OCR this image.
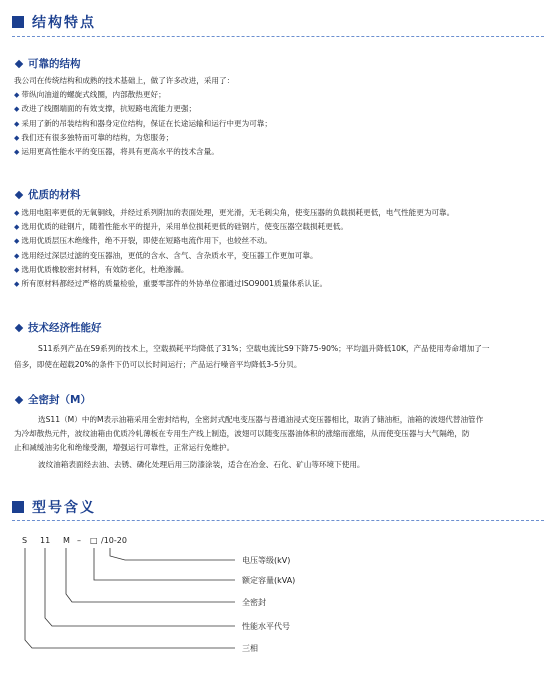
结构特点
可靠的结构
我公司在传统结构和成熟的技术基础上，做了许多改进，采用了：
◆ 带纵向油道的螺旋式线圈，内部散热更好；
◆ 改进了线圈端面的有效支撑，抗短路电流能力更强；
◆ 采用了新的吊装结构和器身定位结构，保证在长途运输和运行中更为可靠；
◆ 我们还有很多独特而可靠的结构，为您服务；
◆ 运用更高性能水平的变压器，将具有更高水平的技术含量。
优质的材料
◆ 选用电阻率更低的无氧铜线，并经过系列附加的表面处理，更光滑，无毛刺尖角，使变压器的负载损耗更低，电气性能更为可靠。
◆ 选用优质的硅钢片，随着性能水平的提升，采用单位损耗更低的硅钢片，使变压器空载损耗更低。
◆ 选用优质层压木绝缘件，绝不开裂，即使在短路电流作用下，也较丝不动。
◆ 选用经过深层过滤的变压器油，更低的含水、含气、含杂质水平，变压器工作更加可靠。
◆ 选用优质橡胶密封材料，有效防老化，杜绝渗漏。
◆ 所有原材料都经过严格的质量检验，重要零部件的外协单位都通过ISO9001质量体系认证。
技术经济性能好
S11系列产品在S9系列的技术上，空载损耗平均降低了31%；空载电流比S9下降75-90%；平均温升降低10K，产品使用寿命增加了一
倍多，即使在超载20%的条件下仍可以长时间运行；产品运行噪音平均降低3-5分贝。
全密封（M）
选S11（M）中的M表示油箱采用全密封结构，全密封式配电变压器与普通油浸式变压器相比，取消了储油柜，油箱的波翅代替油管作
为冷却散热元件，波纹油箱由优质冷轧薄板在专用生产线上制造，波翅可以随变压器油体积的涨缩而涨缩，从而使变压器与大气隔绝，防
止和减缓油劣化和绝缘受潮，增强运行可靠性，正常运行免维护。
波纹油箱表面经去油、去锈、磷化处理后用三防漆涂装，适合在冶金、石化、矿山等环境下使用。
型号含义
S 11 M – □ /10-20
电压等级(kV)
额定容量(kVA)
全密封
性能水平代号
三相
